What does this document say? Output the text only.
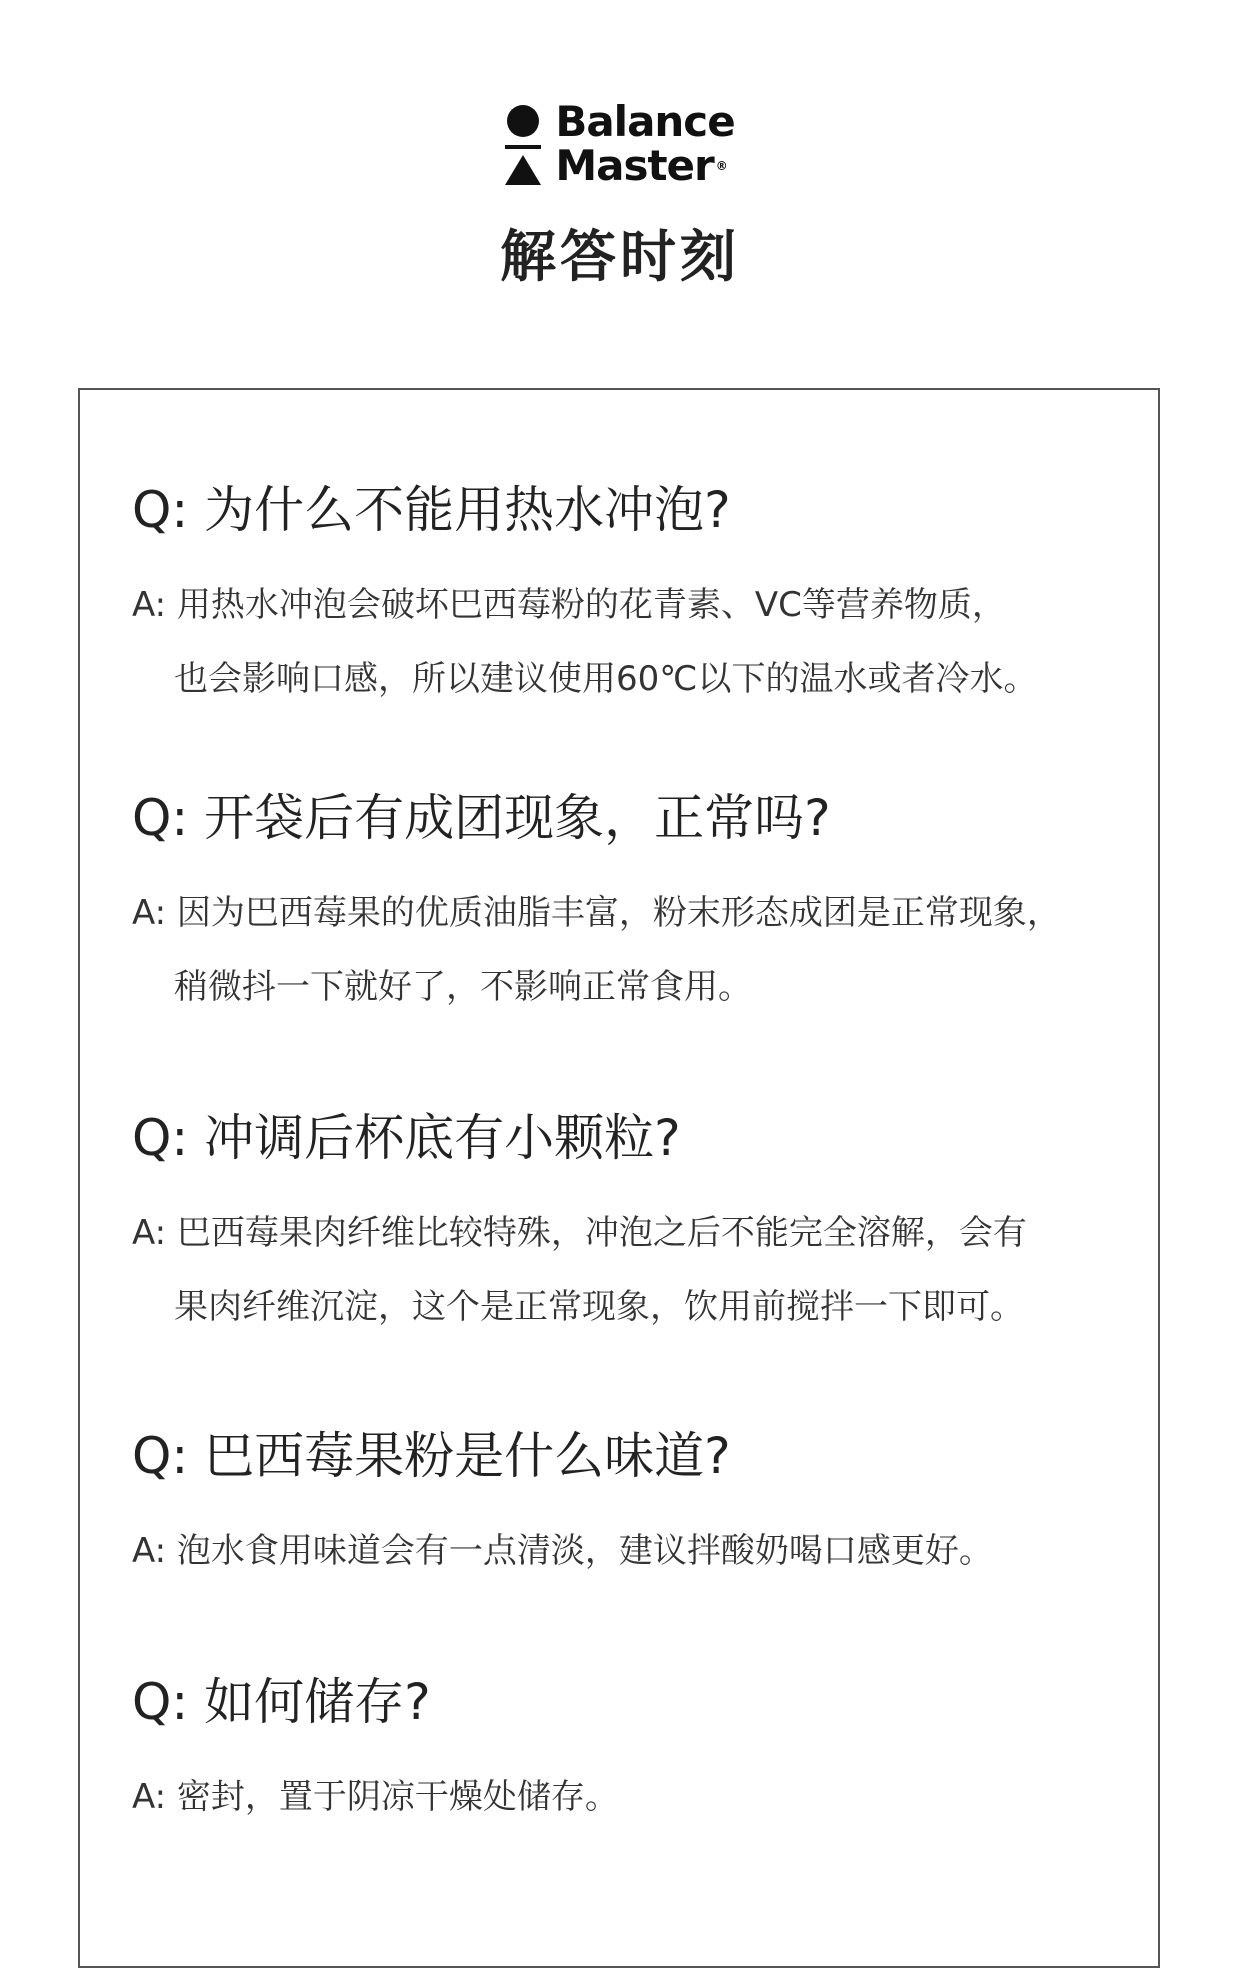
Balance
Master ®
解答时刻
Q: 为什么不能用热水冲泡?
A: 用热水冲泡会破坏巴西莓粉的花青素、VC等营养物质，
也会影响口感，所以建议使用60℃以下的温水或者冷水。
Q: 开袋后有成团现象，正常吗?
A: 因为巴西莓果的优质油脂丰富，粉末形态成团是正常现象，
稍微抖一下就好了，不影响正常食用。
Q: 冲调后杯底有小颗粒?
A: 巴西莓果肉纤维比较特殊，冲泡之后不能完全溶解，会有
果肉纤维沉淀，这个是正常现象，饮用前搅拌一下即可。
Q: 巴西莓果粉是什么味道?
A: 泡水食用味道会有一点清淡，建议拌酸奶喝口感更好。
Q: 如何储存?
A: 密封，置于阴凉干燥处储存。
